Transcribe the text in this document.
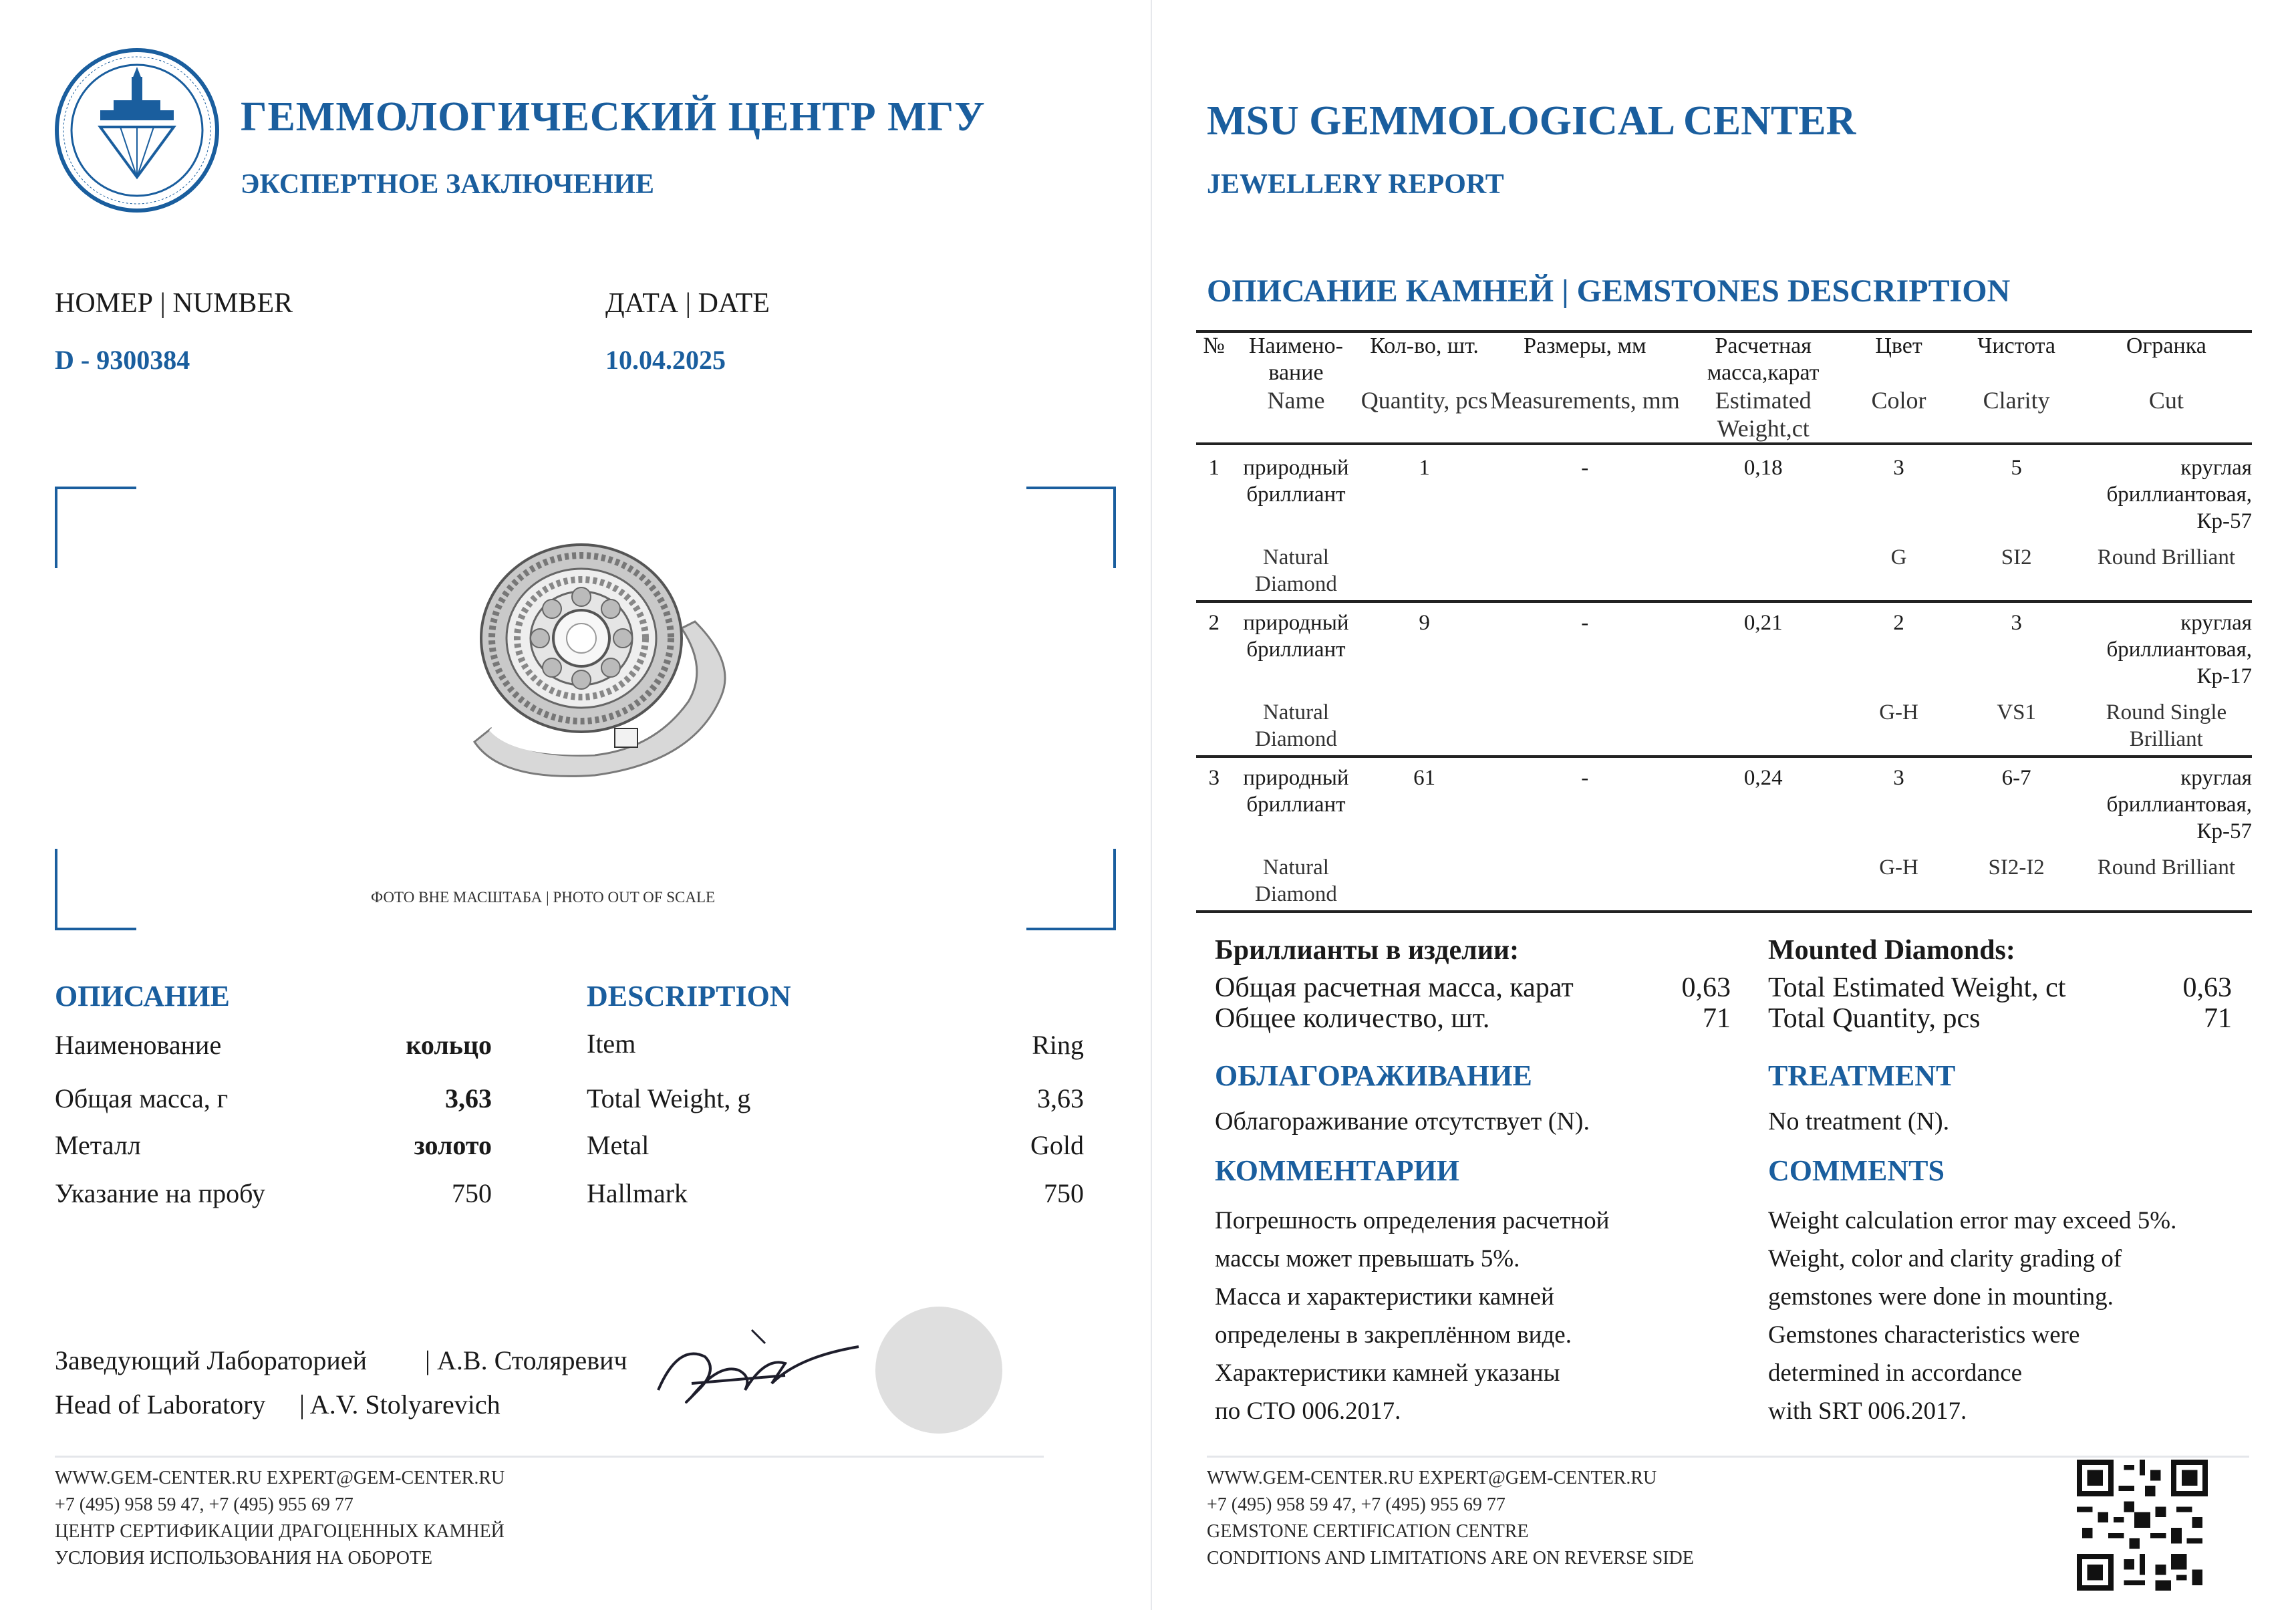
ГЕММОЛОГИЧЕСКИЙ ЦЕНТР МГУ
ЭКСПЕРТНОЕ ЗАКЛЮЧЕНИЕ
НОМЕР | NUMBER
D - 9300384
ДАТА | DATE
10.04.2025
ФОТО ВНЕ МАСШТАБА | PHOTO OUT OF SCALE
ОПИСАНИЕ	DESCRIPTION
Наименование	кольцо
Общая масса, г	3,63
Металл	золото
Указание на пробу	750
Item	Ring
Total Weight, g	3,63
Metal	Gold
Hallmark	750
Заведующий Лабораторией | А.В. Столяревич
Head of Laboratory | A.V. Stolyarevich
WWW.GEM-CENTER.RU EXPERT@GEM-CENTER.RU
+7 (495) 958 59 47, +7 (495) 955 69 77
ЦЕНТР СЕРТИФИКАЦИИ ДРАГОЦЕННЫХ КАМНЕЙ
УСЛОВИЯ ИСПОЛЬЗОВАНИЯ НА ОБОРОТЕ
MSU GEMMOLOGICAL CENTER
JEWELLERY REPORT
ОПИСАНИЕ КАМНЕЙ | GEMSTONES DESCRIPTION
№	Наимено- вание	Кол-во, шт.	Размеры, мм	Расчетная масса,карат	Цвет	Чистота	Огранка
	Name	Quantity, pcs	Measurements, mm	Estimated Weight,ct	Color	Clarity	Cut
1	природный бриллиант	1	-	0,18	3	5	круглая бриллиантовая, Кр-57
	Natural Diamond				G	SI2	Round Brilliant
2	природный бриллиант	9	-	0,21	2	3	круглая бриллиантовая, Кр-17
	Natural Diamond				G-H	VS1	Round Single Brilliant
3	природный бриллиант	61	-	0,24	3	6-7	круглая бриллиантовая, Кр-57
	Natural Diamond				G-H	SI2-I2	Round Brilliant
Бриллианты в изделии:
Общая расчетная масса, карат	0,63
Общее количество, шт.	71
Mounted Diamonds:
Total Estimated Weight, ct	0,63
Total Quantity, pcs	71
ОБЛАГОРАЖИВАНИЕ
Облагораживание отсутствует (N).
TREATMENT
No treatment (N).
КОММЕНТАРИИ
Погрешность определения расчетной
массы может превышать 5%.
Масса и характеристики камней
определены в закреплённом виде.
Характеристики камней указаны
по СТО 006.2017.
COMMENTS
Weight calculation error may exceed 5%.
Weight, color and clarity grading of
gemstones were done in mounting.
Gemstones characteristics were
determined in accordance
with SRT 006.2017.
WWW.GEM-CENTER.RU EXPERT@GEM-CENTER.RU
+7 (495) 958 59 47, +7 (495) 955 69 77
GEMSTONE CERTIFICATION CENTRE
CONDITIONS AND LIMITATIONS ARE ON REVERSE SIDE
